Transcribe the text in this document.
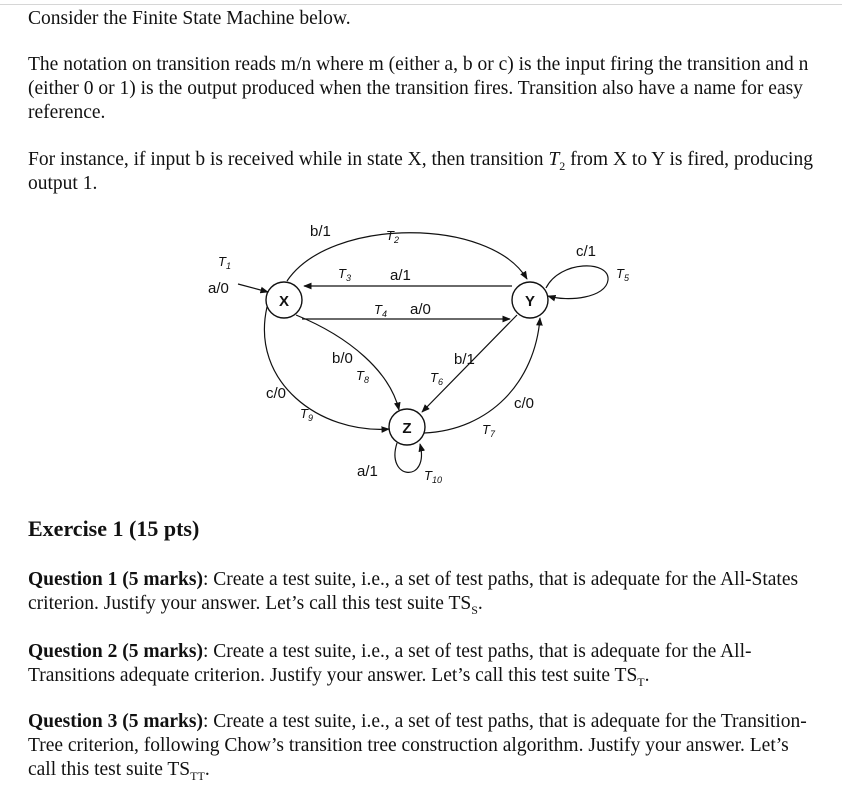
Consider the Finite State Machine below.

The notation on transition reads m/n where m (either a, b or c) is the input firing the transition and n (either 0 or 1) is the output produced when the transition fires. Transition also have a name for easy reference.

For instance, if input b is received while in state X, then transition $T_2$ from X to Y is fired, producing output 1.

X	Y
Z
b/1	$T_2$
$T_1$
a/0
$T_3$	a/1
$T_4$ a/0
c/1
$T_5$
b/1
$T_6$
c/0
$T_7$
b/0
$T_8$
c/0
$T_9$
a/1	$T_{10}$
Exercise 1 (15 pts)

Question 1 (5 marks): Create a test suite, i.e., a set of test paths, that is adequate for the All-States criterion. Justify your answer. Let’s call this test suite $TS_S$.

Question 2 (5 marks): Create a test suite, i.e., a set of test paths, that is adequate for the All-Transitions adequate criterion. Justify your answer. Let’s call this test suite $TS_T$.

Question 3 (5 marks): Create a test suite, i.e., a set of test paths, that is adequate for the Transition-Tree criterion, following Chow’s transition tree construction algorithm. Justify your answer. Let’s call this test suite $TS_{TT}$.
